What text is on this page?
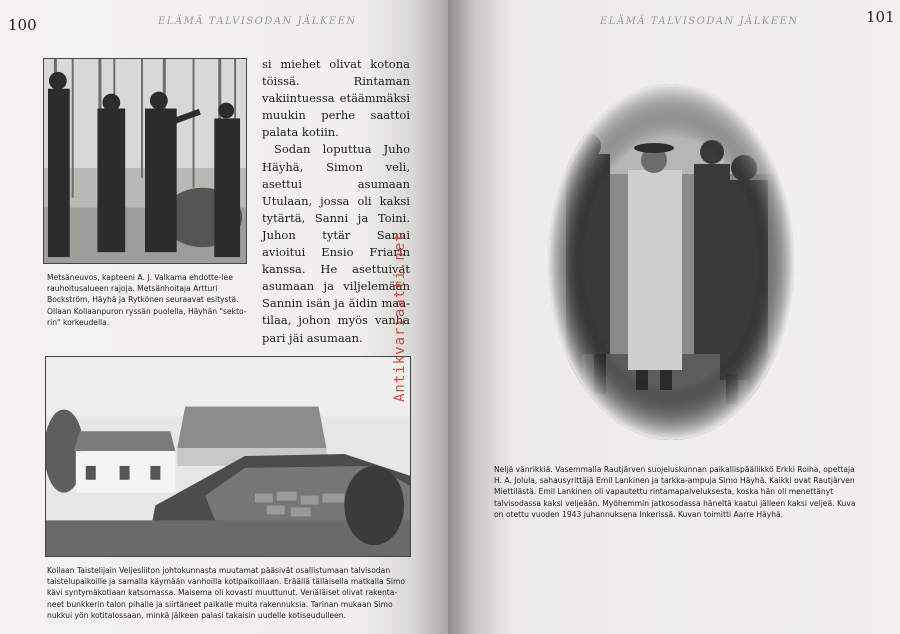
100	ELÄMÄ TALVISODAN JÄLKEEN
Metsäneuvos, kapteeni A. J. Valkama ehdotte-lee rauhoitusalueen rajoja. Metsänhoitaja Artturi Bockström, Häyhä ja Rytkönen seuraavat esitystä. Ollaan Kollaanpuron ryssän puolella, Häyhän "sekto-rin" korkeudella.

si miehet olivat kotona töissä. Rintaman vakiintuessa etäämmäksi muukin perhe saattoi palata kotiin.

Sodan loputtua Juho Häyhä, Simon veli, asettui asumaan Utulaan, jossa oli kaksi tytärtä, Sanni ja Toini. Juhon tytär Sanni avioitui Ensio Friarin kanssa. He asettuivat asumaan ja viljelemään Sannin isän ja äidin maa-tilaa, johon myös vanha pari jäi asumaan.

Kollaan Taistelijain Veljesliiton johtokunnasta muutamat pääsivät osallistumaan talvisodan taistelupaikoille ja samalla käymään vanhoilla kotipaikoillaan. Eräällä tällaisella matkalla Simo kävi syntymäkotiaan katsomassa. Maisema oli kovasti muuttunut. Venäläiset olivat rakenta-neet bunkkerin talon pihalle ja siirtäneet paikalle muita rakennuksia. Tarinan mukaan Simo nukkui yön kotitalossaan, minkä jälkeen palasi takaisin uudelle kotiseudulleen.
ELÄMÄ TALVISODAN JÄLKEEN	101
Neljä vänrikkiä. Vasemmalla Rautjärven suojeluskunnan paikallispäällikkö Erkki Roiha, opettaja H. A. Jolula, sahausyrittäjä Emil Lankinen ja tarkka-ampuja Simo Häyhä. Kaikki ovat Rautjärven Miettilästä. Emil Lankinen oli vapautettu rintamapalveluksesta, koska hän oli menettänyt talvisodassa kaksi veljeään. Myöhemmin jatkosodassa häneltä kaatui jälleen kaksi veljeä. Kuva on otettu vuoden 1943 juhannuksena Inkerissä. Kuvan toimitti Aarre Häyhä.
Antikvariaatti.net
